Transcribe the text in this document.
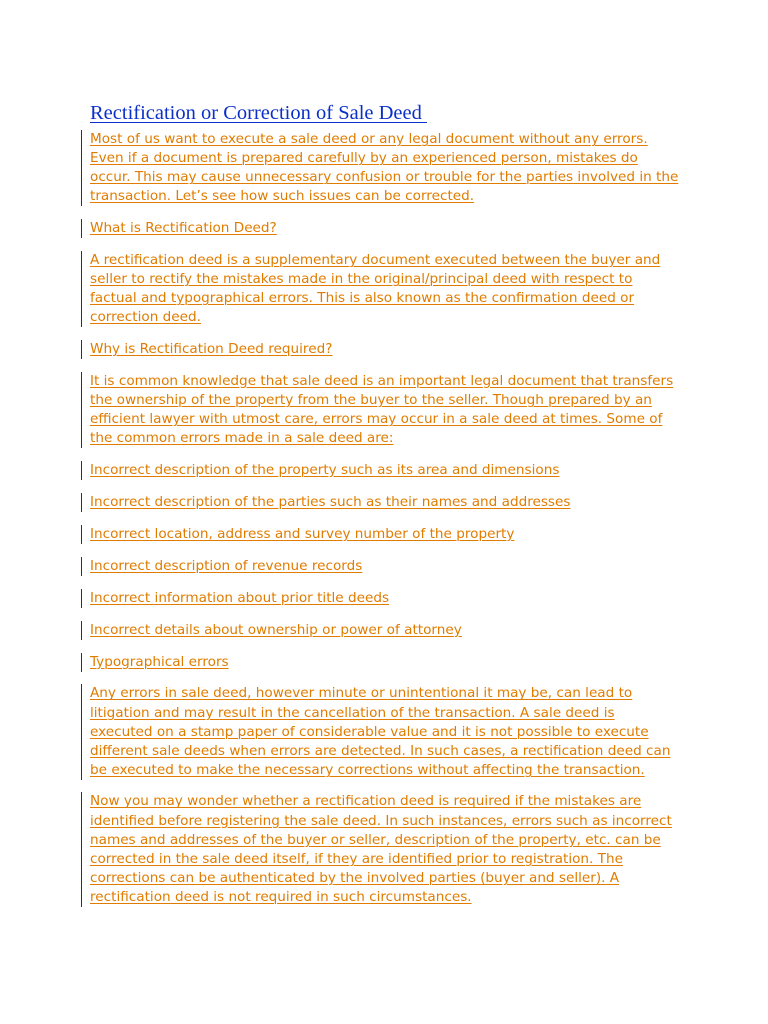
Rectification or Correction of Sale Deed

Most of us want to execute a sale deed or any legal document without any errors. Even if a document is prepared carefully by an experienced person, mistakes do occur. This may cause unnecessary confusion or trouble for the parties involved in the transaction. Let’s see how such issues can be corrected.

What is Rectification Deed?

A rectification deed is a supplementary document executed between the buyer and seller to rectify the mistakes made in the original/principal deed with respect to factual and typographical errors. This is also known as the confirmation deed or correction deed.

Why is Rectification Deed required?

It is common knowledge that sale deed is an important legal document that transfers the ownership of the property from the buyer to the seller. Though prepared by an efficient lawyer with utmost care, errors may occur in a sale deed at times. Some of the common errors made in a sale deed are:

Incorrect description of the property such as its area and dimensions

Incorrect description of the parties such as their names and addresses

Incorrect location, address and survey number of the property

Incorrect description of revenue records

Incorrect information about prior title deeds

Incorrect details about ownership or power of attorney

Typographical errors

Any errors in sale deed, however minute or unintentional it may be, can lead to litigation and may result in the cancellation of the transaction. A sale deed is executed on a stamp paper of considerable value and it is not possible to execute different sale deeds when errors are detected. In such cases, a rectification deed can be executed to make the necessary corrections without affecting the transaction.

Now you may wonder whether a rectification deed is required if the mistakes are identified before registering the sale deed. In such instances, errors such as incorrect names and addresses of the buyer or seller, description of the property, etc. can be corrected in the sale deed itself, if they are identified prior to registration. The corrections can be authenticated by the involved parties (buyer and seller). A rectification deed is not required in such circumstances.
